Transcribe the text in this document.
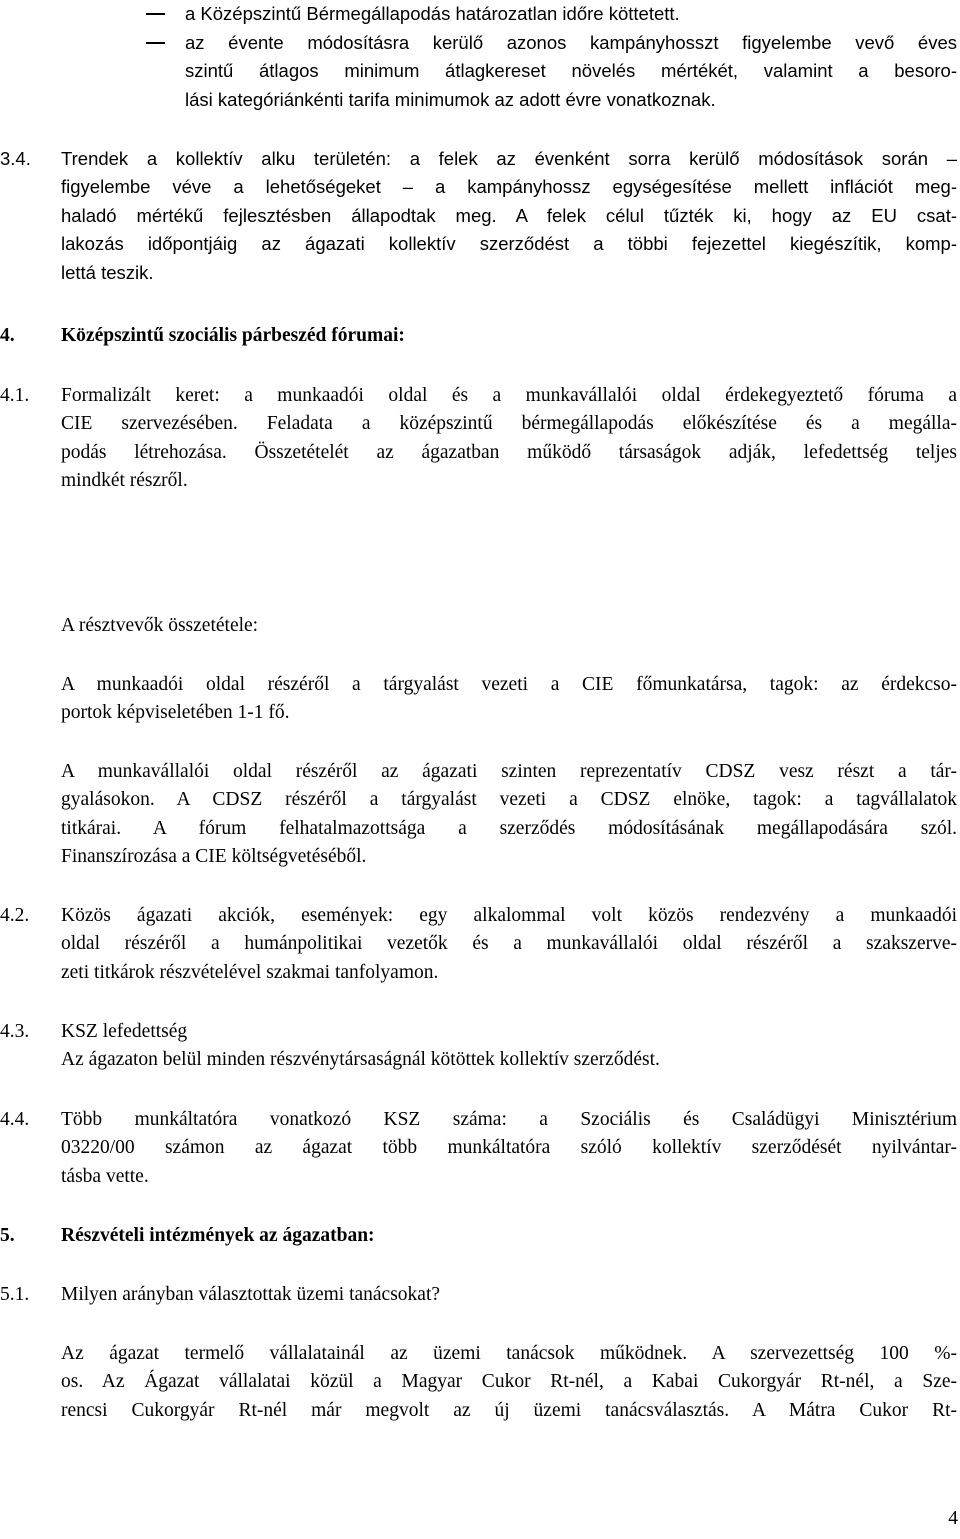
a Középszintű Bérmegállapodás határozatlan időre köttetett.
az évente módosításra kerülő azonos kampányhosszt figyelembe vevő éves
szintű átlagos minimum átlagkereset növelés mértékét, valamint a besoro-
lási kategóriánkénti tarifa minimumok az adott évre vonatkoznak.
3.4. Trendek a kollektív alku területén: a felek az évenként sorra kerülő módosítások során –
figyelembe véve a lehetőségeket – a kampányhossz egységesítése mellett inflációt meg-
haladó mértékű fejlesztésben állapodtak meg. A felek célul tűzték ki, hogy az EU csat-
lakozás időpontjáig az ágazati kollektív szerződést a többi fejezettel kiegészítik, komp-
lettá teszik.
4. Középszintű szociális párbeszéd fórumai:
4.1. Formalizált keret: a munkaadói oldal és a munkavállalói oldal érdekegyeztető fóruma a
CIE szervezésében. Feladata a középszintű bérmegállapodás előkészítése és a megálla-
podás létrehozása. Összetételét az ágazatban működő társaságok adják, lefedettség teljes
mindkét részről.
A résztvevők összetétele:
A munkaadói oldal részéről a tárgyalást vezeti a CIE főmunkatársa, tagok: az érdekcso-
portok képviseletében 1-1 fő.
A munkavállalói oldal részéről az ágazati szinten reprezentatív CDSZ vesz részt a tár-
gyalásokon. A CDSZ részéről a tárgyalást vezeti a CDSZ elnöke, tagok: a tagvállalatok
titkárai. A fórum felhatalmazottsága a szerződés módosításának megállapodására szól.
Finanszírozása a CIE költségvetéséből.
4.2. Közös ágazati akciók, események: egy alkalommal volt közös rendezvény a munkaadói
oldal részéről a humánpolitikai vezetők és a munkavállalói oldal részéről a szakszerve-
zeti titkárok részvételével szakmai tanfolyamon.
4.3. KSZ lefedettség
Az ágazaton belül minden részvénytársaságnál kötöttek kollektív szerződést.
4.4. Több munkáltatóra vonatkozó KSZ száma: a Szociális és Családügyi Minisztérium
03220/00 számon az ágazat több munkáltatóra szóló kollektív szerződését nyilvántar-
tásba vette.
5. Részvételi intézmények az ágazatban:
5.1. Milyen arányban választottak üzemi tanácsokat?
Az ágazat termelő vállalatainál az üzemi tanácsok működnek. A szervezettség 100 %-
os. Az Ágazat vállalatai közül a Magyar Cukor Rt-nél, a Kabai Cukorgyár Rt-nél, a Sze-
rencsi Cukorgyár Rt-nél már megvolt az új üzemi tanácsválasztás. A Mátra Cukor Rt-
4
